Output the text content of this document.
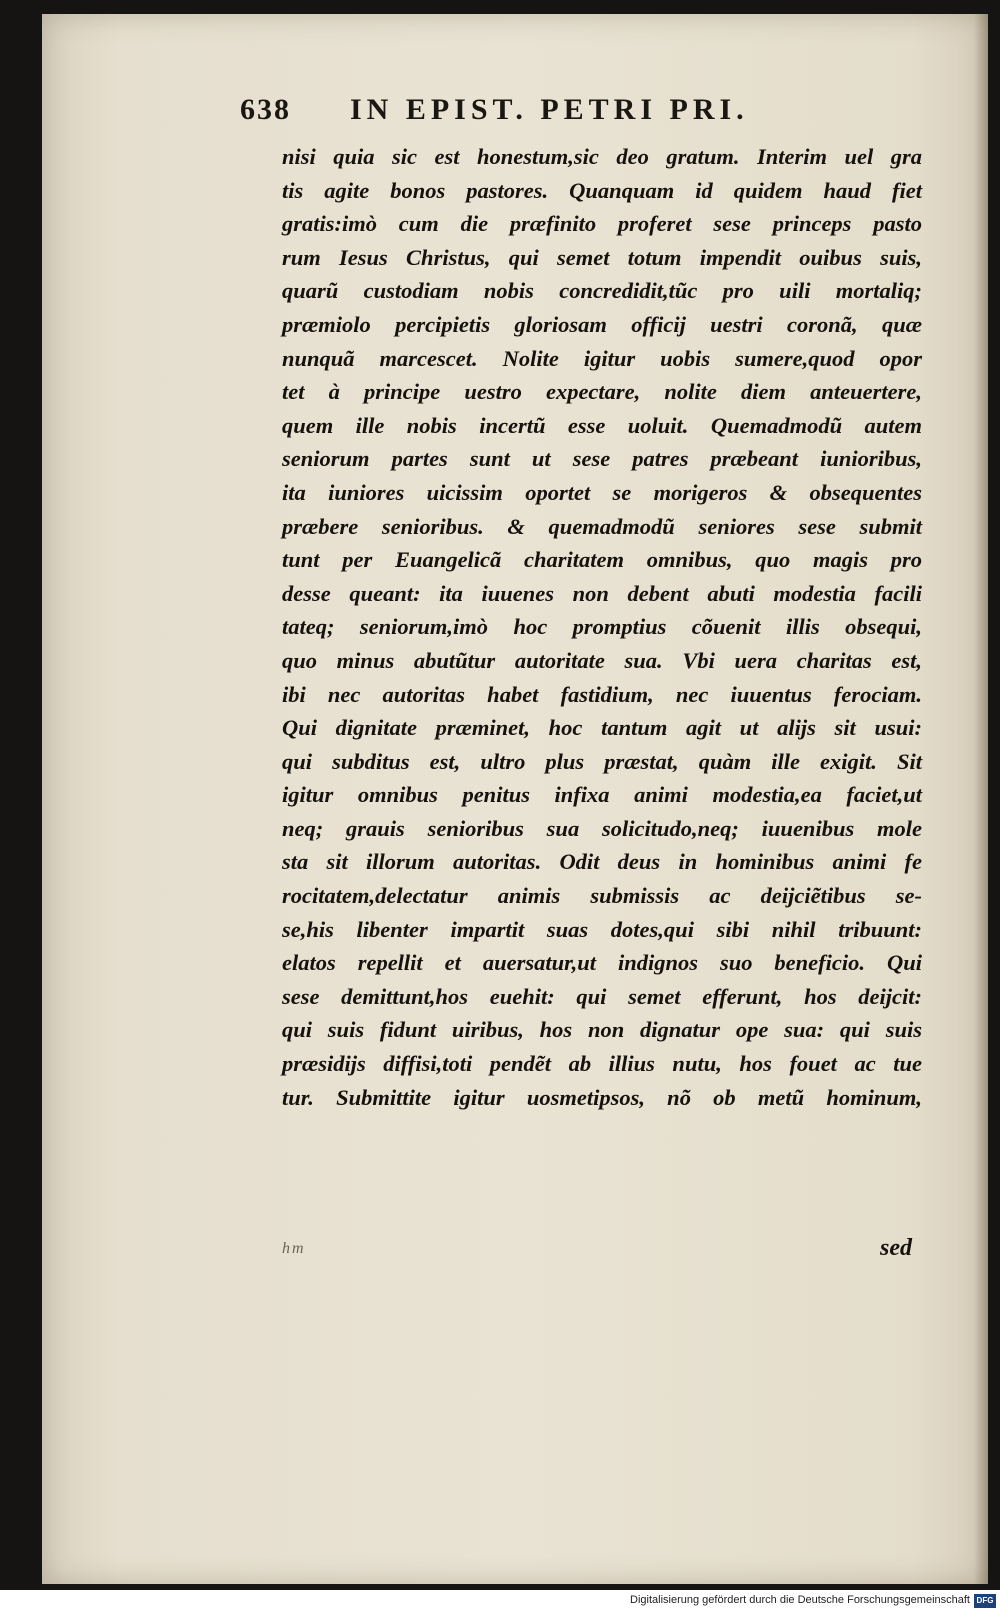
638	IN EPIST. PETRI PRI.
nisi quia sic est honestum,sic deo gratum. Interim uel gra
tis agite bonos pastores. Quanquam id quidem haud fiet
gratis:imò cum die præfinito proferet sese princeps pasto
rum Iesus Christus, qui semet totum impendit ouibus suis,
quarũ custodiam nobis concredidit,tũc pro uili mortaliq;
præmiolo percipietis gloriosam officij uestri coronã, quæ
nunquã marcescet. Nolite igitur uobis sumere,quod opor
tet à principe uestro expectare, nolite diem anteuertere,
quem ille nobis incertũ esse uoluit. Quemadmodũ autem
seniorum partes sunt ut sese patres præbeant iunioribus,
ita iuniores uicissim oportet se morigeros & obsequentes
præbere senioribus. & quemadmodũ seniores sese submit
tunt per Euangelicã charitatem omnibus, quo magis pro
desse queant: ita iuuenes non debent abuti modestia facili
tateq; seniorum,imò hoc promptius cõuenit illis obsequi,
quo minus abutũtur autoritate sua. Vbi uera charitas est,
ibi nec autoritas habet fastidium, nec iuuentus ferociam.
Qui dignitate præminet, hoc tantum agit ut alijs sit usui:
qui subditus est, ultro plus præstat, quàm ille exigit. Sit
igitur omnibus penitus infixa animi modestia,ea faciet,ut
neq; grauis senioribus sua solicitudo,neq; iuuenibus mole
sta sit illorum autoritas. Odit deus in hominibus animi fe
rocitatem,delectatur animis submissis ac deijciẽtibus se-
se,his libenter impartit suas dotes,qui sibi nihil tribuunt:
elatos repellit et auersatur,ut indignos suo beneficio. Qui
sese demittunt,hos euehit: qui semet efferunt, hos deijcit:
qui suis fidunt uiribus, hos non dignatur ope sua: qui suis
præsidijs diffisi,toti pendẽt ab illius nutu, hos fouet ac tue
tur. Submittite igitur uosmetipsos, nõ ob metũ hominum,
hm	sed
Digitalisierung gefördert durch die Deutsche Forschungsgemeinschaft DFG
